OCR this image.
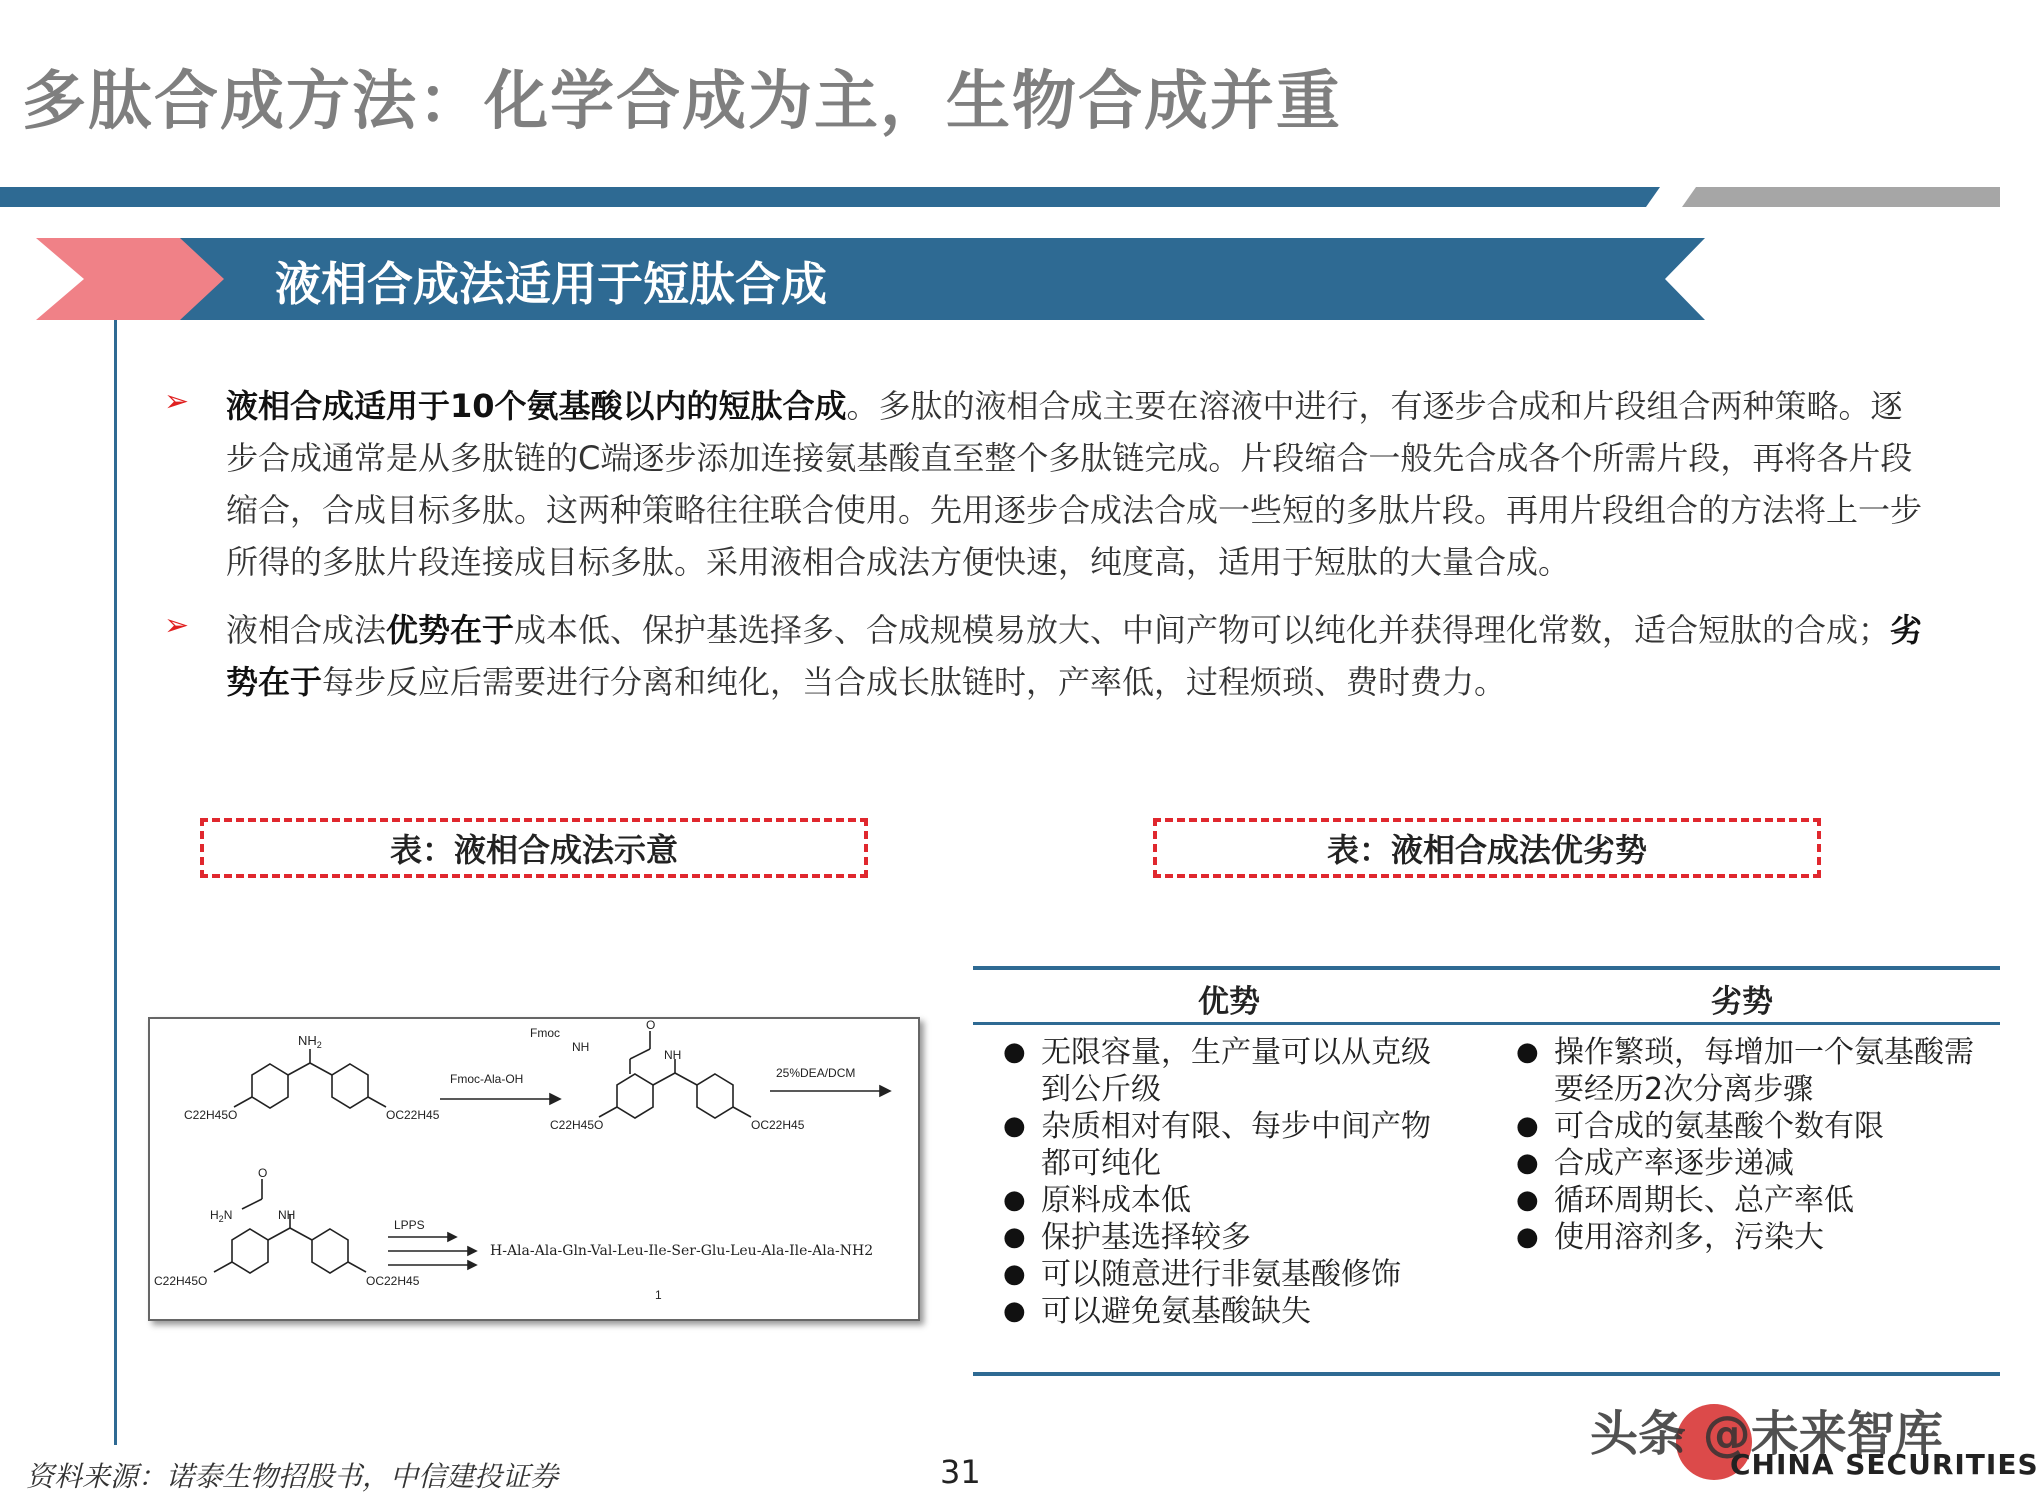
多肽合成方法：化学合成为主，生物合成并重
液相合成法适用于短肽合成
➢ 液相合成适用于10个氨基酸以内的短肽合成。多肽的液相合成主要在溶液中进行，有逐步合成和片段组合两种策略。逐步合成通常是从多肽链的C端逐步添加连接氨基酸直至整个多肽链完成。片段缩合一般先合成各个所需片段，再将各片段缩合，合成目标多肽。这两种策略往往联合使用。先用逐步合成法合成一些短的多肽片段。再用片段组合的方法将上一步所得的多肽片段连接成目标多肽。采用液相合成法方便快速，纯度高，适用于短肽的大量合成。

➢ 液相合成法优势在于成本低、保护基选择多、合成规模易放大、中间产物可以纯化并获得理化常数，适合短肽的合成；劣势在于每步反应后需要进行分离和纯化，当合成长肽链时，产率低，过程烦琐、费时费力。

表：液相合成法示意	表：液相合成法优劣势
$NH_2$
C22H45O	OC22H45
Fmoc-Ala-OH
Fmoc
NH
O
NH
C22H45O	OC22H45
25%DEA/DCM
$H_2N$
O
NH
C22H45O	OC22H45
LPPS
H-Ala-Ala-Gln-Val-Leu-Ile-Ser-Glu-Leu-Ala-Ile-Ala-NH2
1
优势	劣势
● 无限容量，生产量可以从克级到公斤级
● 杂质相对有限、每步中间产物都可纯化
● 原料成本低
● 保护基选择较多
● 可以随意进行非氨基酸修饰
● 可以避免氨基酸缺失
● 操作繁琐，每增加一个氨基酸需要经历2次分离步骤
● 可合成的氨基酸个数有限
● 合成产率逐步递减
● 循环周期长、总产率低
● 使用溶剂多，污染大
头条 @未来智库
CHINA SECURITIES
资料来源：诺泰生物招股书，中信建投证券	31
